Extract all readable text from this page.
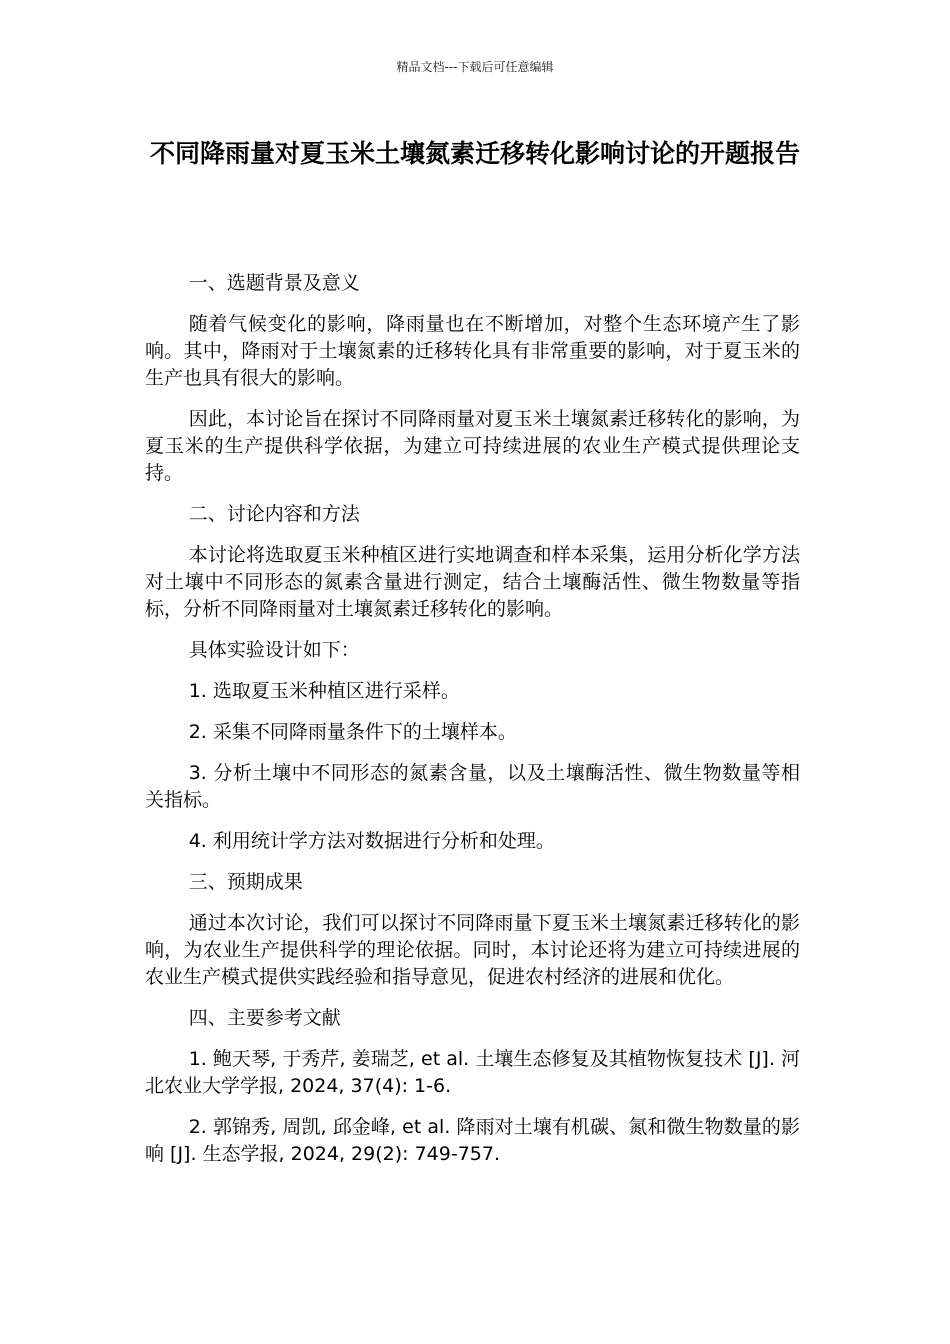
精品文档---下载后可任意编辑
不同降雨量对夏玉米土壤氮素迁移转化影响讨论的开题报告

一、选题背景及意义

随着气候变化的影响，降雨量也在不断增加，对整个生态环境产生了影响。其中，降雨对于土壤氮素的迁移转化具有非常重要的影响，对于夏玉米的生产也具有很大的影响。

因此，本讨论旨在探讨不同降雨量对夏玉米土壤氮素迁移转化的影响，为夏玉米的生产提供科学依据，为建立可持续进展的农业生产模式提供理论支持。

二、讨论内容和方法

本讨论将选取夏玉米种植区进行实地调查和样本采集，运用分析化学方法对土壤中不同形态的氮素含量进行测定，结合土壤酶活性、微生物数量等指标，分析不同降雨量对土壤氮素迁移转化的影响。

具体实验设计如下：

1. 选取夏玉米种植区进行采样。

2. 采集不同降雨量条件下的土壤样本。

3. 分析土壤中不同形态的氮素含量，以及土壤酶活性、微生物数量等相关指标。

4. 利用统计学方法对数据进行分析和处理。

三、预期成果

通过本次讨论，我们可以探讨不同降雨量下夏玉米土壤氮素迁移转化的影响，为农业生产提供科学的理论依据。同时，本讨论还将为建立可持续进展的农业生产模式提供实践经验和指导意见，促进农村经济的进展和优化。

四、主要参考文献

1. 鲍天琴, 于秀芹, 姜瑞芝, et al. 土壤生态修复及其植物恢复技术 [J]. 河北农业大学学报, 2024, 37(4): 1-6.

2. 郭锦秀, 周凯, 邱金峰, et al. 降雨对土壤有机碳、氮和微生物数量的影响 [J]. 生态学报, 2024, 29(2): 749-757.
